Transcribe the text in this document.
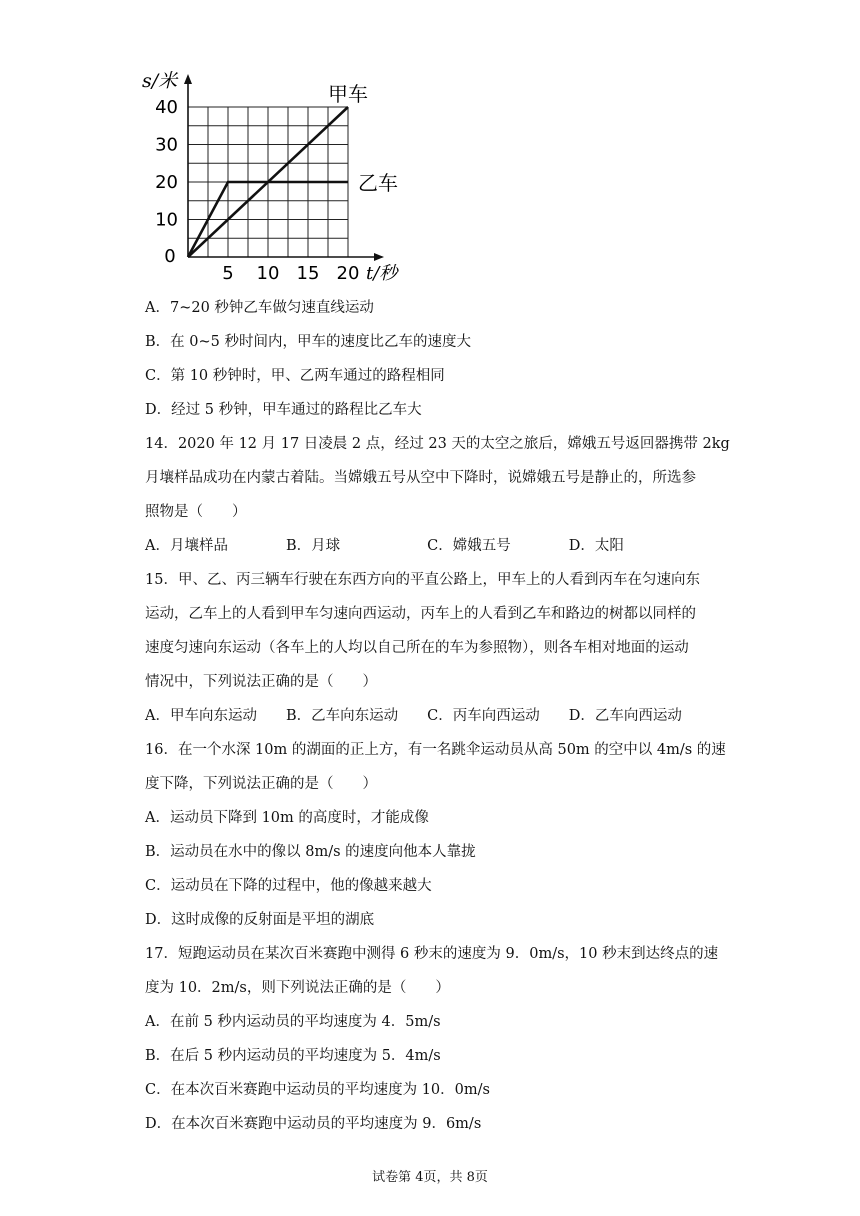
0
5 10 15 20
10
20
30
40
s/米
t/秒
甲车
乙车
A．7~20 秒钟乙车做匀速直线运动
B．在 0~5 秒时间内，甲车的速度比乙车的速度大
C．第 10 秒钟时，甲、乙两车通过的路程相同
D．经过 5 秒钟，甲车通过的路程比乙车大
14．2020 年 12 月 17 日凌晨 2 点，经过 23 天的太空之旅后，嫦娥五号返回器携带 2kg
月壤样品成功在内蒙古着陆。当嫦娥五号从空中下降时，说嫦娥五号是静止的，所选参
照物是（　　）
A．月壤样品　　　　B．月球　　　　　　C．嫦娥五号　　　　D．太阳
15．甲、乙、丙三辆车行驶在东西方向的平直公路上，甲车上的人看到丙车在匀速向东
运动，乙车上的人看到甲车匀速向西运动，丙车上的人看到乙车和路边的树都以同样的
速度匀速向东运动（各车上的人均以自己所在的车为参照物），则各车相对地面的运动
情况中，下列说法正确的是（　　）
A．甲车向东运动　　B．乙车向东运动　　C．丙车向西运动　　D．乙车向西运动
16．在一个水深 10m 的湖面的正上方，有一名跳伞运动员从高 50m 的空中以 4m/s 的速
度下降，下列说法正确的是（　　）
A．运动员下降到 10m 的高度时，才能成像
B．运动员在水中的像以 8m/s 的速度向他本人靠拢
C．运动员在下降的过程中，他的像越来越大
D．这时成像的反射面是平坦的湖底
17．短跑运动员在某次百米赛跑中测得 6 秒末的速度为 9．0m/s，10 秒末到达终点的速
度为 10．2m/s，则下列说法正确的是（　　）
A．在前 5 秒内运动员的平均速度为 4．5m/s
B．在后 5 秒内运动员的平均速度为 5．4m/s
C．在本次百米赛跑中运动员的平均速度为 10．0m/s
D．在本次百米赛跑中运动员的平均速度为 9．6m/s
试卷第 4页，共 8页
